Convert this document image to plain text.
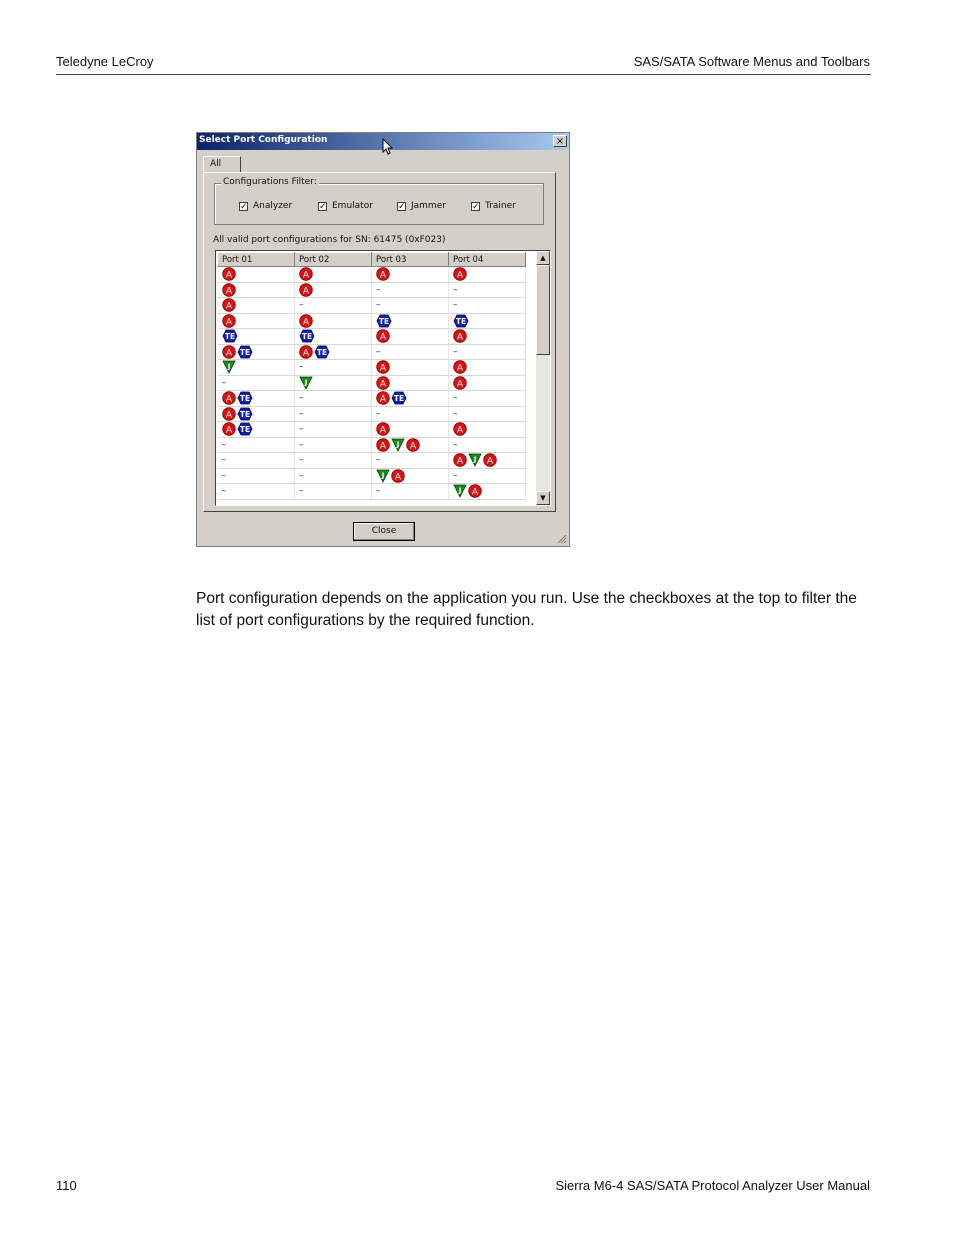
Teledyne LeCroy	SAS/SATA Software Menus and Toolbars
Select Port Configuration	×
All
Configurations Filter:
✓ Analyzer	✓ Emulator	✓ Jammer	✓ Trainer
All valid port configurations for SN: 61475 (0xF023)
Port 01	Port 02	Port 03	Port 04

A	A	A	A

A	A	–	–

A	–	–	–

A	A	TE	TE

TE	TE	A	A

A TE	A TE	–	–

J	–	A	A

–	J	A	A

A TE	–	A TE	–

A TE	–	–	–

A TE	–	A	A

–	–	A J A	–
–	–	–	A J A

–	–	J A	–
–	–	–	J A
▲
▼
Close
Port configuration depends on the application you run. Use the checkboxes at the top to filter the list of port configurations by the required function.
110	Sierra M6-4 SAS/SATA Protocol Analyzer User Manual
